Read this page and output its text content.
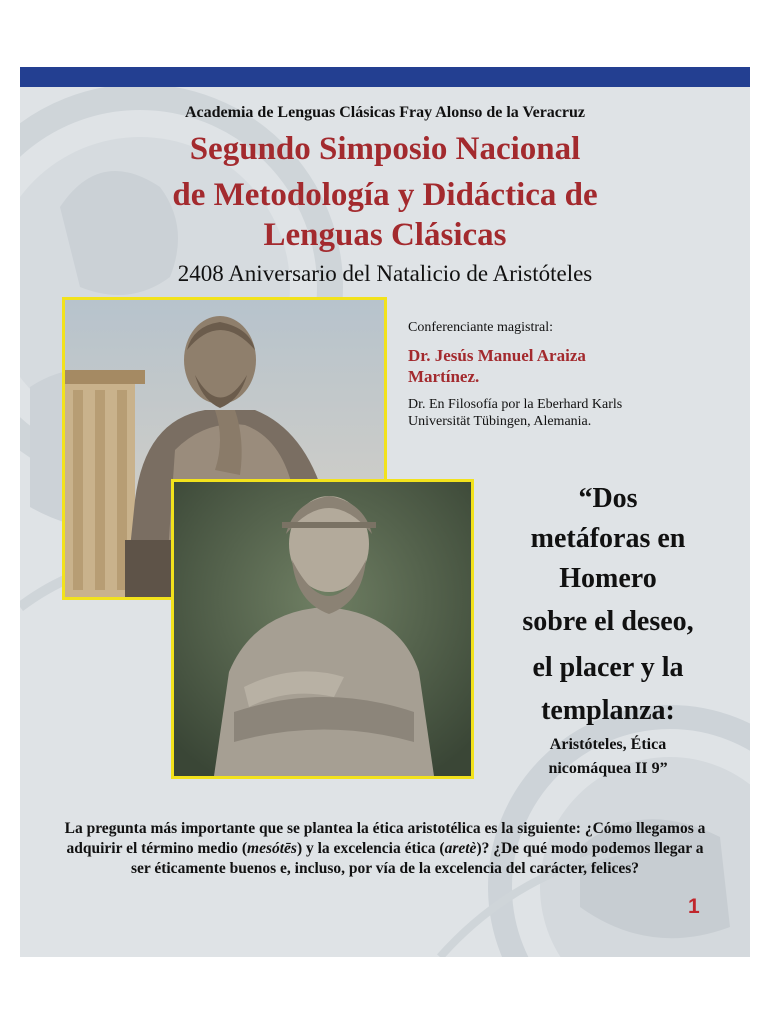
Academia de Lenguas Clásicas Fray Alonso de la Veracruz
Segundo Simposio Nacional
de Metodología y Didáctica de
Lenguas Clásicas
2408 Aniversario del Natalicio de Aristóteles
Conferenciante magistral:
Dr. Jesús Manuel Araiza
Martínez.
Dr. En Filosofía por la Eberhard Karls
Universität Tübingen, Alemania.
“Dos
metáforas en
Homero
sobre el deseo,
el placer y la
templanza:
Aristóteles, Ética
nicomáquea II 9”
La pregunta más importante que se plantea la ética aristotélica es la siguiente: ¿Cómo llegamos a adquirir el término medio (mesótēs) y la excelencia ética (aretè)? ¿De qué modo podemos llegar a ser éticamente buenos e, incluso, por vía de la excelencia del carácter, felices?
1
